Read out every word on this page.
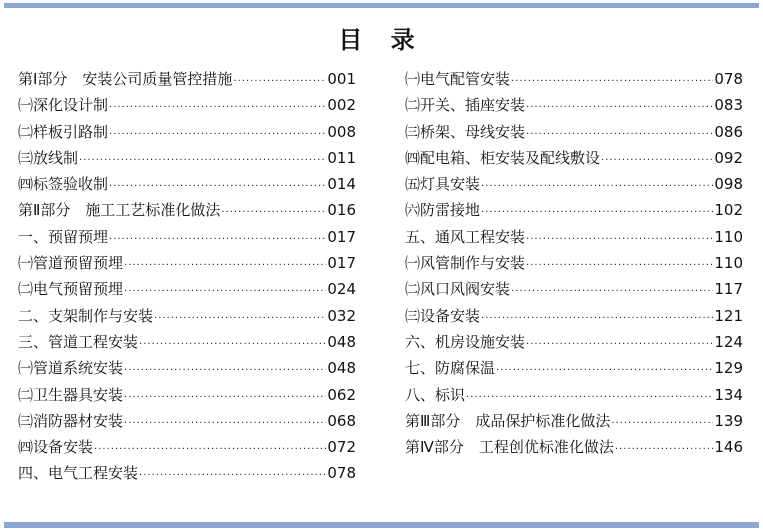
目 录
第Ⅰ部分　安装公司质量管控措施 ·····	001
㈠深化设计制 ·····	002
㈡样板引路制 ·····	008
㈢放线制 ·····	011
㈣标签验收制 ·····	014
第Ⅱ部分　施工工艺标准化做法 ·····	016
一、预留预埋 ·····	017
㈠管道预留预埋 ·····	017
㈡电气预留预埋 ·····	024
二、支架制作与安装 ·····	032
三、管道工程安装 ·····	048
㈠管道系统安装 ·····	048
㈡卫生器具安装 ·····	062
㈢消防器材安装 ·····	068
㈣设备安装 ·····	072
四、电气工程安装 ·····	078
㈠电气配管安装 ·····	078
㈡开关、插座安装 ·····	083
㈢桥架、母线安装 ·····	086
㈣配电箱、柜安装及配线敷设 ·····	092
㈤灯具安装 ·····	098
㈥防雷接地 ·····	102
五、通风工程安装 ·····	110
㈠风管制作与安装 ·····	110
㈡风口风阀安装 ·····	117
㈢设备安装 ·····	121
六、机房设施安装 ·····	124
七、防腐保温 ·····	129
八、标识 ·····	134
第Ⅲ部分　成品保护标准化做法 ·····	139
第Ⅳ部分　工程创优标准化做法 ·····	146
